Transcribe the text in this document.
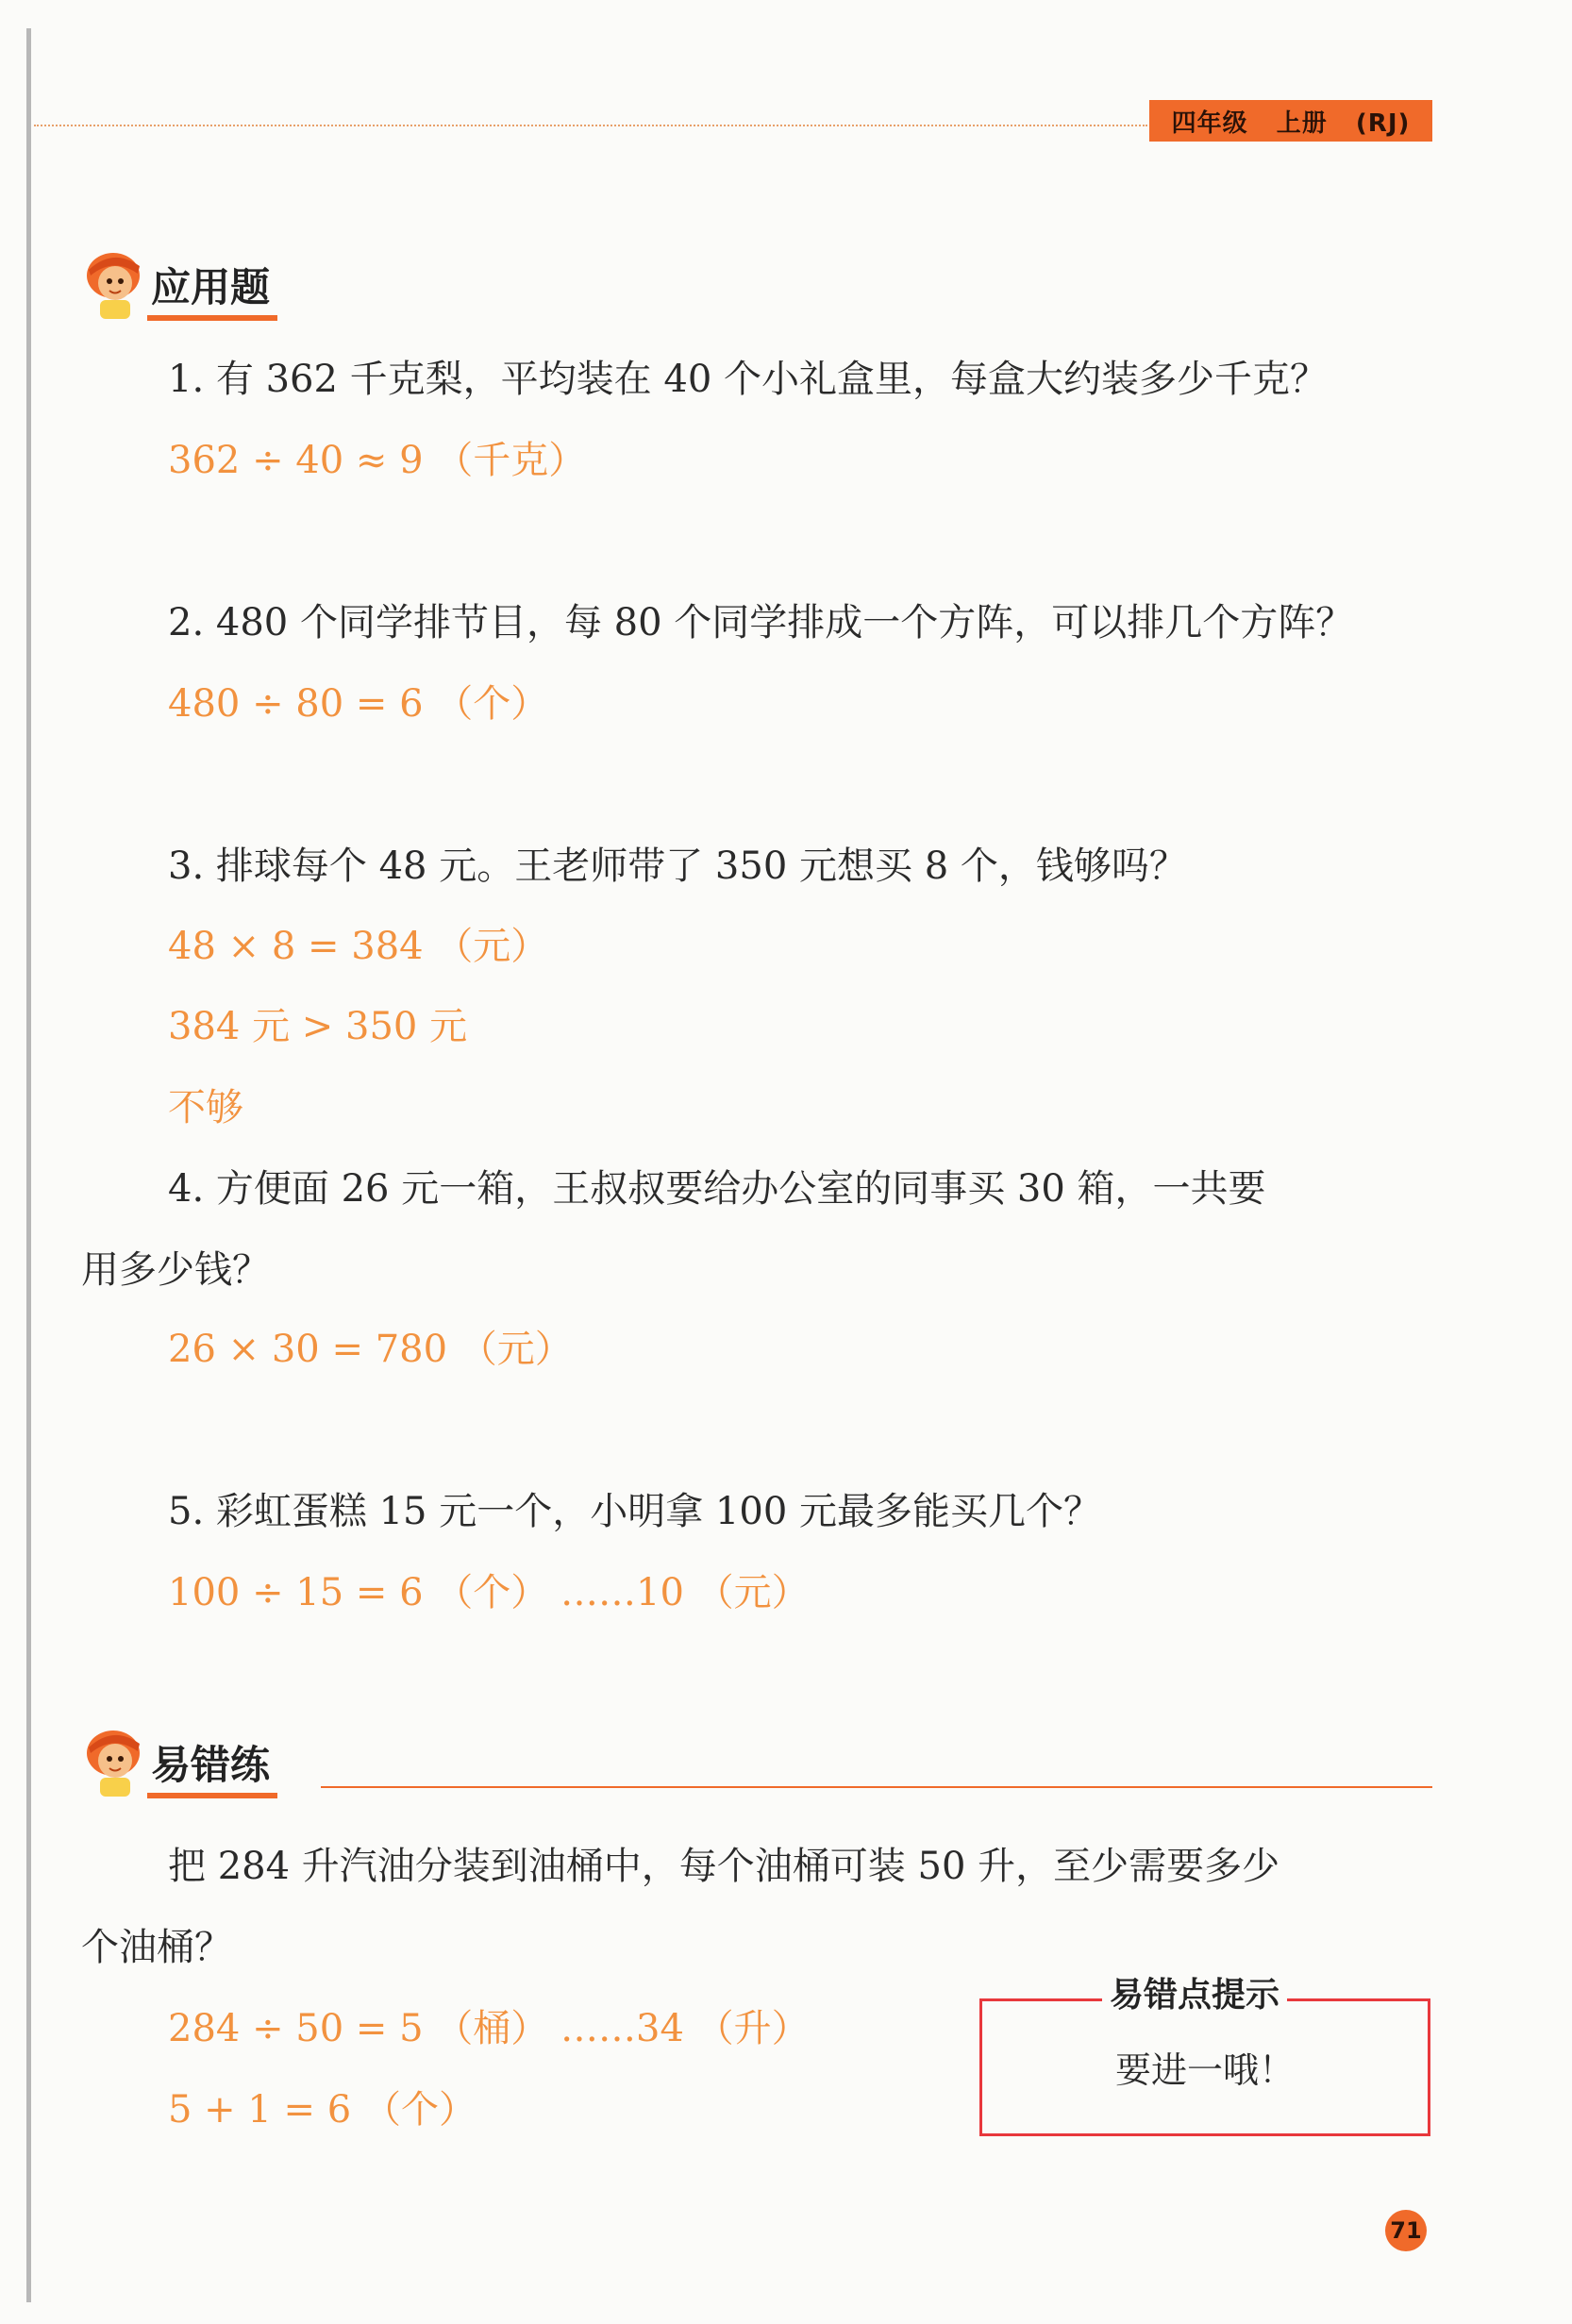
四年级   上册   (RJ)
应用题
1. 有 362 千克梨，平均装在 40 个小礼盒里，每盒大约装多少千克？
362 ÷ 40 ≈ 9 （千克）
2. 480 个同学排节目，每 80 个同学排成一个方阵，可以排几个方阵？
480 ÷ 80 = 6 （个）
3. 排球每个 48 元。王老师带了 350 元想买 8 个，钱够吗？
48 × 8 = 384 （元）
384 元 > 350 元
不够
4. 方便面 26 元一箱，王叔叔要给办公室的同事买 30 箱，一共要
用多少钱？
26 × 30 = 780 （元）
5. 彩虹蛋糕 15 元一个，小明拿 100 元最多能买几个？
100 ÷ 15 = 6 （个） ……10 （元）
易错练
把 284 升汽油分装到油桶中，每个油桶可装 50 升，至少需要多少
个油桶？
284 ÷ 50 = 5 （桶） ……34 （升）
5 + 1 = 6 （个）
易错点提示
要进一哦！
71
